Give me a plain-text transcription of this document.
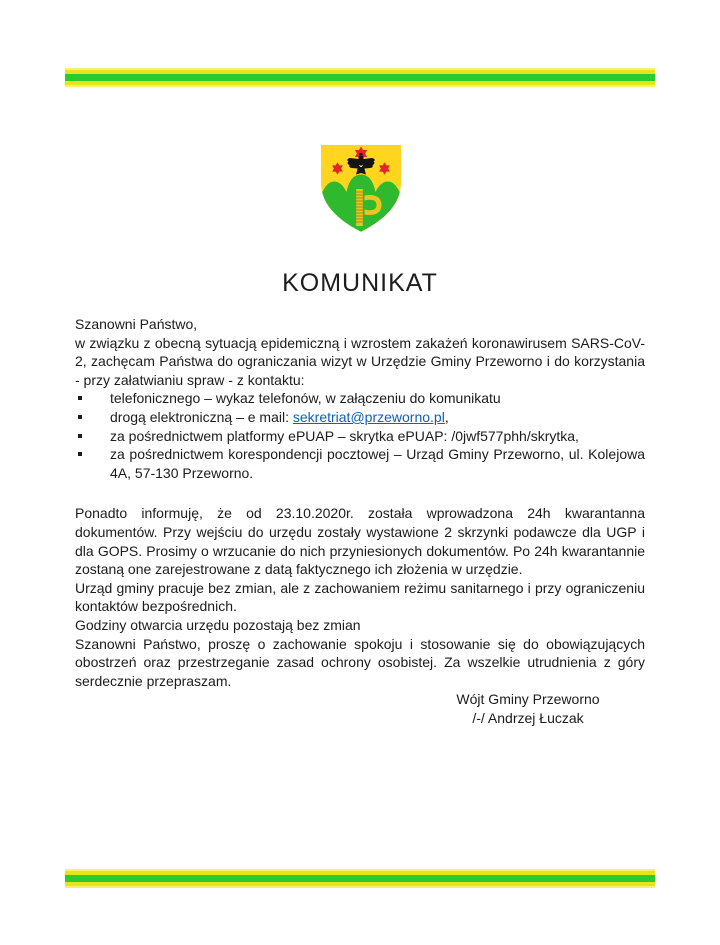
KOMUNIKAT

Szanowni Państwo,

w związku z obecną sytuacją epidemiczną i wzrostem zakażeń koronawirusem SARS-CoV-2, zachęcam Państwa do ograniczania wizyt w Urzędzie Gminy Przeworno i do korzystania - przy załatwianiu spraw - z kontaktu:

telefonicznego – wykaz telefonów, w załączeniu do komunikatu
drogą elektroniczną – e mail: sekretriat@przeworno.pl,
za pośrednictwem platformy ePUAP – skrytka ePUAP: /0jwf577phh/skrytka,
za pośrednictwem korespondencji pocztowej – Urząd Gminy Przeworno, ul. Kolejowa 4A, 57-130 Przeworno.

Ponadto informuję, że od 23.10.2020r. została wprowadzona 24h kwarantanna dokumentów. Przy wejściu do urzędu zostały wystawione 2 skrzynki podawcze dla UGP i dla GOPS. Prosimy o wrzucanie do nich przyniesionych dokumentów. Po 24h kwarantannie zostaną one zarejestrowane z datą faktycznego ich złożenia w urzędzie.

Urząd gminy pracuje bez zmian, ale z zachowaniem reżimu sanitarnego i przy ograniczeniu kontaktów bezpośrednich.

Godziny otwarcia urzędu pozostają bez zmian

Szanowni Państwo, proszę o zachowanie spokoju i stosowanie się do obowiązujących obostrzeń oraz przestrzeganie zasad ochrony osobistej. Za wszelkie utrudnienia z góry serdecznie przepraszam.

Wójt Gminy Przeworno

/-/ Andrzej Łuczak
